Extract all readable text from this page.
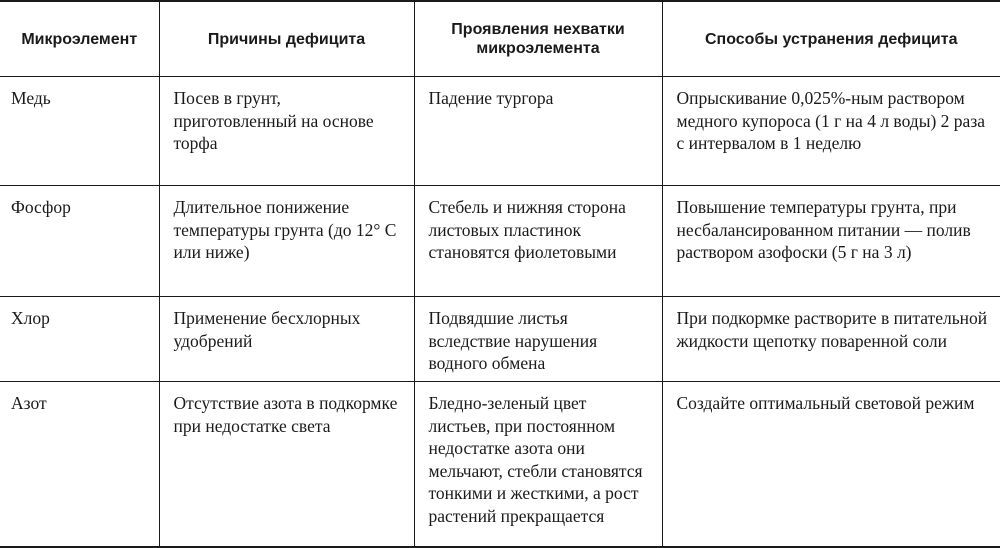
Микроэлемент	Причины дефицита	Проявления нехватки микроэлемента	Способы устранения дефицита
Медь	Посев в грунт, приготовленный на основе торфа	Падение тургора	Опрыскивание 0,025%-ным раствором медного купороса (1 г на 4 л воды) 2 раза с интервалом в 1 неделю
Фосфор	Длительное понижение температуры грунта (до 12° С или ниже)	Стебель и нижняя сторона листовых пластинок становятся фиолетовыми	Повышение температуры грунта, при несбалансированном питании — полив раствором азофоски (5 г на 3 л)
Хлор	Применение бесхлорных удобрений	Подвядшие листья вследствие нарушения водного обмена	При подкормке растворите в питательной жидкости щепотку поваренной соли
Азот	Отсутствие азота в подкормке при недостатке света	Бледно-зеленый цвет листьев, при постоянном недостатке азота они мельчают, стебли становятся тонкими и жесткими, а рост растений прекращается	Создайте оптимальный световой режим
